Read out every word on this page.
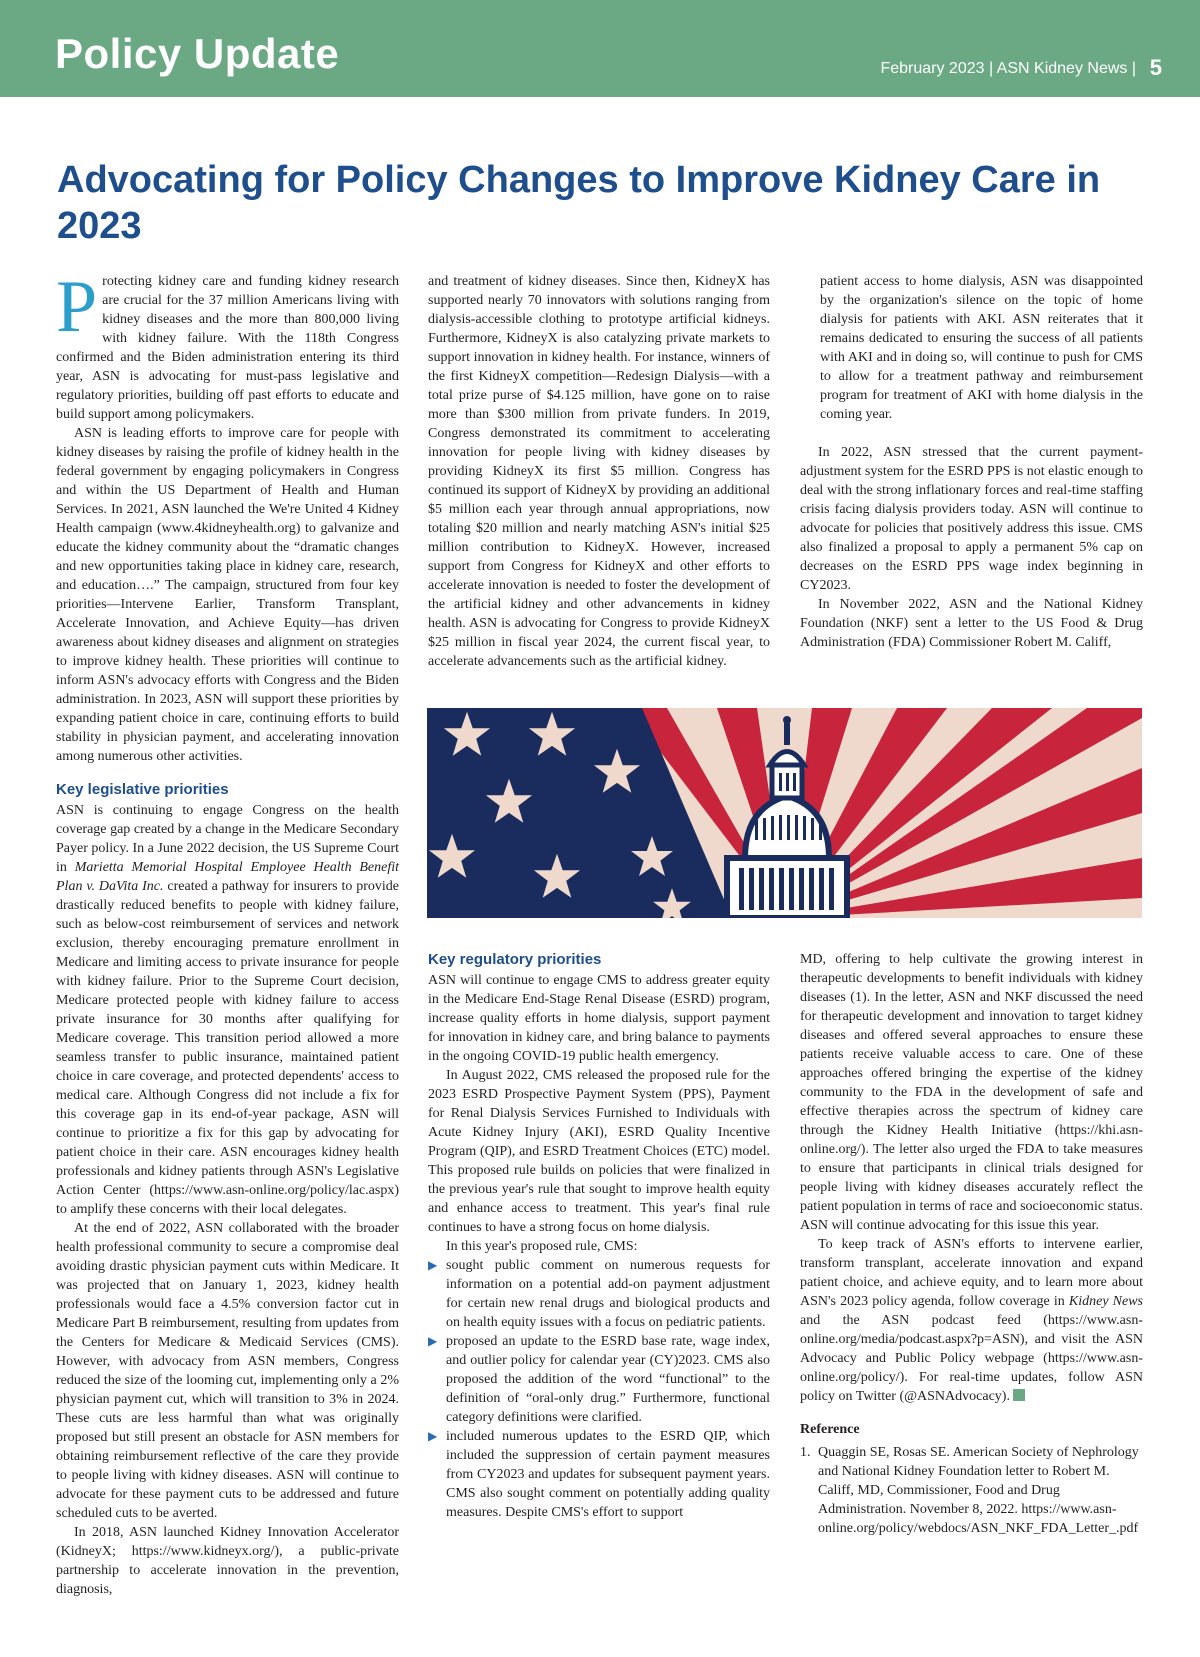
Policy Update	February 2023 | ASN Kidney News | 5
Advocating for Policy Changes to Improve Kidney Care in 2023

Protecting kidney care and funding kidney research are crucial for the 37 million Americans living with kidney diseases and the more than 800,000 living with kidney failure. With the 118th Congress confirmed and the Biden administration entering its third year, ASN is advocating for must-pass legislative and regulatory priorities, building off past efforts to educate and build support among policymakers.

ASN is leading efforts to improve care for people with kidney diseases by raising the profile of kidney health in the federal government by engaging policymakers in Congress and within the US Department of Health and Human Services. In 2021, ASN launched the We're United 4 Kidney Health campaign (www.4kidneyhealth.org) to galvanize and educate the kidney community about the “dramatic changes and new opportunities taking place in kidney care, research, and education….” The campaign, structured from four key priorities—Intervene Earlier, Transform Transplant, Accelerate Innovation, and Achieve Equity—has driven awareness about kidney diseases and alignment on strategies to improve kidney health. These priorities will continue to inform ASN's advocacy efforts with Congress and the Biden administration. In 2023, ASN will support these priorities by expanding patient choice in care, continuing efforts to build stability in physician payment, and accelerating innovation among numerous other activities.

Key legislative priorities

ASN is continuing to engage Congress on the health coverage gap created by a change in the Medicare Secondary Payer policy. In a June 2022 decision, the US Supreme Court in Marietta Memorial Hospital Employee Health Benefit Plan v. DaVita Inc. created a pathway for insurers to provide drastically reduced benefits to people with kidney failure, such as below-cost reimbursement of services and network exclusion, thereby encouraging premature enrollment in Medicare and limiting access to private insurance for people with kidney failure. Prior to the Supreme Court decision, Medicare protected people with kidney failure to access private insurance for 30 months after qualifying for Medicare coverage. This transition period allowed a more seamless transfer to public insurance, maintained patient choice in care coverage, and protected dependents' access to medical care. Although Congress did not include a fix for this coverage gap in its end-of-year package, ASN will continue to prioritize a fix for this gap by advocating for patient choice in their care. ASN encourages kidney health professionals and kidney patients through ASN's Legislative Action Center (https://www.asn-online.org/policy/lac.aspx) to amplify these concerns with their local delegates.

At the end of 2022, ASN collaborated with the broader health professional community to secure a compromise deal avoiding drastic physician payment cuts within Medicare. It was projected that on January 1, 2023, kidney health professionals would face a 4.5% conversion factor cut in Medicare Part B reimbursement, resulting from updates from the Centers for Medicare & Medicaid Services (CMS). However, with advocacy from ASN members, Congress reduced the size of the looming cut, implementing only a 2% physician payment cut, which will transition to 3% in 2024. These cuts are less harmful than what was originally proposed but still present an obstacle for ASN members for obtaining reimbursement reflective of the care they provide to people living with kidney diseases. ASN will continue to advocate for these payment cuts to be addressed and future scheduled cuts to be averted.

In 2018, ASN launched Kidney Innovation Accelerator (KidneyX; https://www.kidneyx.org/), a public-private partnership to accelerate innovation in the prevention, diagnosis,

and treatment of kidney diseases. Since then, KidneyX has supported nearly 70 innovators with solutions ranging from dialysis-accessible clothing to prototype artificial kidneys. Furthermore, KidneyX is also catalyzing private markets to support innovation in kidney health. For instance, winners of the first KidneyX competition—Redesign Dialysis—with a total prize purse of $4.125 million, have gone on to raise more than $300 million from private funders. In 2019, Congress demonstrated its commitment to accelerating innovation for people living with kidney diseases by providing KidneyX its first $5 million. Congress has continued its support of KidneyX by providing an additional $5 million each year through annual appropriations, now totaling $20 million and nearly matching ASN's initial $25 million contribution to KidneyX. However, increased support from Congress for KidneyX and other efforts to accelerate innovation is needed to foster the development of the artificial kidney and other advancements in kidney health. ASN is advocating for Congress to provide KidneyX $25 million in fiscal year 2024, the current fiscal year, to accelerate advancements such as the artificial kidney.

patient access to home dialysis, ASN was disappointed by the organization's silence on the topic of home dialysis for patients with AKI. ASN reiterates that it remains dedicated to ensuring the success of all patients with AKI and in doing so, will continue to push for CMS to allow for a treatment pathway and reimbursement program for treatment of AKI with home dialysis in the coming year.

In 2022, ASN stressed that the current payment-adjustment system for the ESRD PPS is not elastic enough to deal with the strong inflationary forces and real-time staffing crisis facing dialysis providers today. ASN will continue to advocate for policies that positively address this issue. CMS also finalized a proposal to apply a permanent 5% cap on decreases on the ESRD PPS wage index beginning in CY2023.

In November 2022, ASN and the National Kidney Foundation (NKF) sent a letter to the US Food & Drug Administration (FDA) Commissioner Robert M. Califf,

Key regulatory priorities

ASN will continue to engage CMS to address greater equity in the Medicare End-Stage Renal Disease (ESRD) program, increase quality efforts in home dialysis, support payment for innovation in kidney care, and bring balance to payments in the ongoing COVID-19 public health emergency.

In August 2022, CMS released the proposed rule for the 2023 ESRD Prospective Payment System (PPS), Payment for Renal Dialysis Services Furnished to Individuals with Acute Kidney Injury (AKI), ESRD Quality Incentive Program (QIP), and ESRD Treatment Choices (ETC) model. This proposed rule builds on policies that were finalized in the previous year's rule that sought to improve health equity and enhance access to treatment. This year's final rule continues to have a strong focus on home dialysis.

In this year's proposed rule, CMS:

▶ sought public comment on numerous requests for information on a potential add-on payment adjustment for certain new renal drugs and biological products and on health equity issues with a focus on pediatric patients.
▶ proposed an update to the ESRD base rate, wage index, and outlier policy for calendar year (CY)2023. CMS also proposed the addition of the word “functional” to the definition of “oral-only drug.” Furthermore, functional category definitions were clarified.
▶ included numerous updates to the ESRD QIP, which included the suppression of certain payment measures from CY2023 and updates for subsequent payment years. CMS also sought comment on potentially adding quality measures. Despite CMS's effort to support

MD, offering to help cultivate the growing interest in therapeutic developments to benefit individuals with kidney diseases (1). In the letter, ASN and NKF discussed the need for therapeutic development and innovation to target kidney diseases and offered several approaches to ensure these patients receive valuable access to care. One of these approaches offered bringing the expertise of the kidney community to the FDA in the development of safe and effective therapies across the spectrum of kidney care through the Kidney Health Initiative (https://khi.asn-online.org/). The letter also urged the FDA to take measures to ensure that participants in clinical trials designed for people living with kidney diseases accurately reflect the patient population in terms of race and socioeconomic status. ASN will continue advocating for this issue this year.

To keep track of ASN's efforts to intervene earlier, transform transplant, accelerate innovation and expand patient choice, and achieve equity, and to learn more about ASN's 2023 policy agenda, follow coverage in Kidney News and the ASN podcast feed (https://www.asn-online.org/media/podcast.aspx?p=ASN), and visit the ASN Advocacy and Public Policy webpage (https://www.asn-online.org/policy/). For real-time updates, follow ASN policy on Twitter (@ASNAdvocacy).

Reference
1. Quaggin SE, Rosas SE. American Society of Nephrology and National Kidney Foundation letter to Robert M. Califf, MD, Commissioner, Food and Drug Administration. November 8, 2022. https://www.asn-online.org/policy/webdocs/ASN_NKF_FDA_Letter_.pdf
